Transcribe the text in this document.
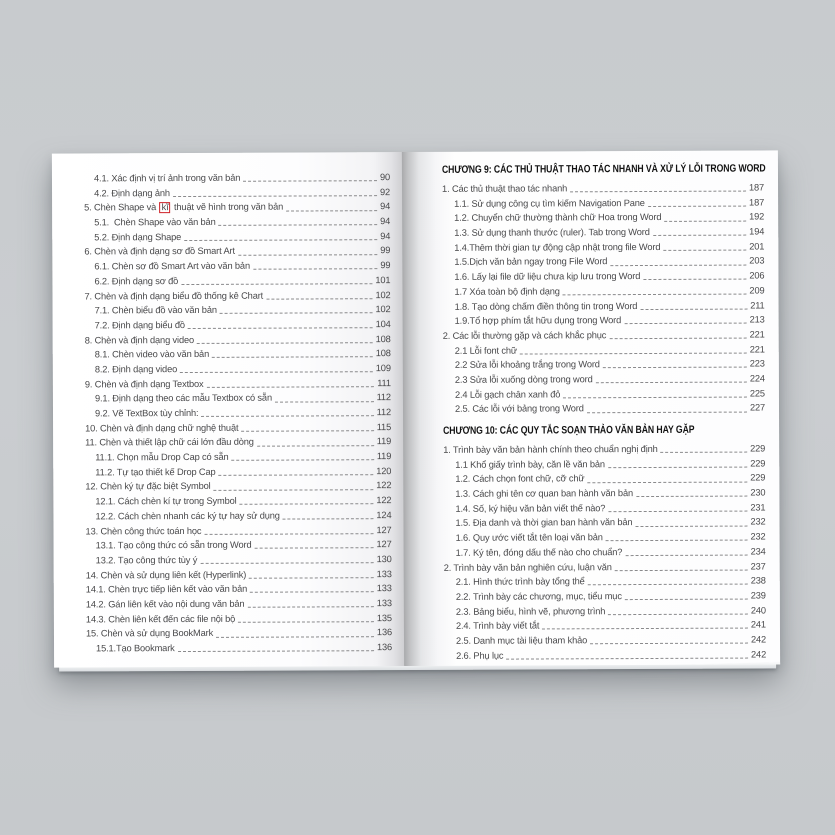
4.1. Xác định vị trí ảnh trong văn bản	90
4.2. Định dạng ảnh	92
5. Chèn Shape và kĩ thuật vẽ hình trong văn bản	94
5.1.  Chèn Shape vào văn bản	94
5.2. Định dạng Shape	94
6. Chèn và định dạng sơ đồ Smart Art	99
6.1. Chèn sơ đồ Smart Art vào văn bản	99
6.2. Định dạng sơ đồ	101
7. Chèn và định dạng biểu đồ thống kê Chart	102
7.1. Chèn biểu đồ vào văn bản	102
7.2. Định dạng biểu đồ	104
8. Chèn và định dạng video	108
8.1. Chèn video vào văn bản	108
8.2. Định dạng video	109
9. Chèn và định dạng Textbox	111
9.1. Định dạng theo các mẫu Textbox có sẵn	112
9.2. Vẽ TextBox tùy chỉnh:	112
10. Chèn và định dạng chữ nghệ thuật	115
11. Chèn và thiết lập chữ cái lớn đầu dòng	119
11.1. Chọn mẫu Drop Cap có sẵn	119
11.2. Tự tạo thiết kế Drop Cap	120
12. Chèn ký tự đặc biệt Symbol	122
12.1. Cách chèn kí tự trong Symbol	122
12.2. Cách chèn nhanh các ký tự hay sử dụng	124
13. Chèn công thức toán học	127
13.1. Tạo công thức có sẵn trong Word	127
13.2. Tạo công thức tùy ý	130
14. Chèn và sử dụng liên kết (Hyperlink)	133
14.1. Chèn trực tiếp liên kết vào văn bản	133
14.2. Gán liên kết vào nội dung văn bản	133
14.3. Chèn liên kết đến các file nội bộ	135
15. Chèn và sử dụng BookMark	136
15.1.Tạo Bookmark	136
CHƯƠNG 9: CÁC THỦ THUẬT THAO TÁC NHANH VÀ XỬ LÝ LỖI TRONG WORD
1. Các thủ thuật thao tác nhanh	187
1.1. Sử dụng công cụ tìm kiếm Navigation Pane	187
1.2. Chuyển chữ thường thành chữ Hoa trong Word	192
1.3. Sử dụng thanh thước (ruler). Tab trong Word	194
1.4.Thêm thời gian tự động cập nhật trong file Word	201
1.5.Dịch văn bản ngay trong File Word	203
1.6. Lấy lại file dữ liệu chưa kịp lưu trong Word	206
1.7 Xóa toàn bộ định dạng	209
1.8. Tạo dòng chấm điền thông tin trong Word	211
1.9.Tổ hợp phím tắt hữu dụng trong Word	213
2. Các lỗi thường gặp và cách khắc phục	221
2.1 Lỗi font chữ	221
2.2 Sửa lỗi khoảng trắng trong Word	223
2.3 Sửa lỗi xuống dòng trong word	224
2.4 Lỗi gạch chân xanh đỏ	225
2.5. Các lỗi với bảng trong Word	227
CHƯƠNG 10: CÁC QUY TẮC SOẠN THẢO VĂN BẢN HAY GẶP
1. Trình bày văn bản hành chính theo chuẩn nghị định	229
1.1 Khổ giấy trình bày, căn lề văn bản	229
1.2. Cách chọn font chữ, cỡ chữ	229
1.3. Cách ghi tên cơ quan ban hành văn bản	230
1.4. Số, ký hiệu văn bản viết thế nào?	231
1.5. Địa danh và thời gian ban hành văn bản	232
1.6. Quy ước viết tắt tên loại văn bản	232
1.7. Ký tên, đóng dấu thế nào cho chuẩn?	234
2. Trình bày văn bản nghiên cứu, luận văn	237
2.1. Hình thức trình bày tổng thể	238
2.2. Trình bày các chương, mục, tiểu mục	239
2.3. Bảng biểu, hình vẽ, phương trình	240
2.4. Trình bày viết tắt	241
2.5. Danh mục tài liệu tham khảo	242
2.6. Phụ lục	242
